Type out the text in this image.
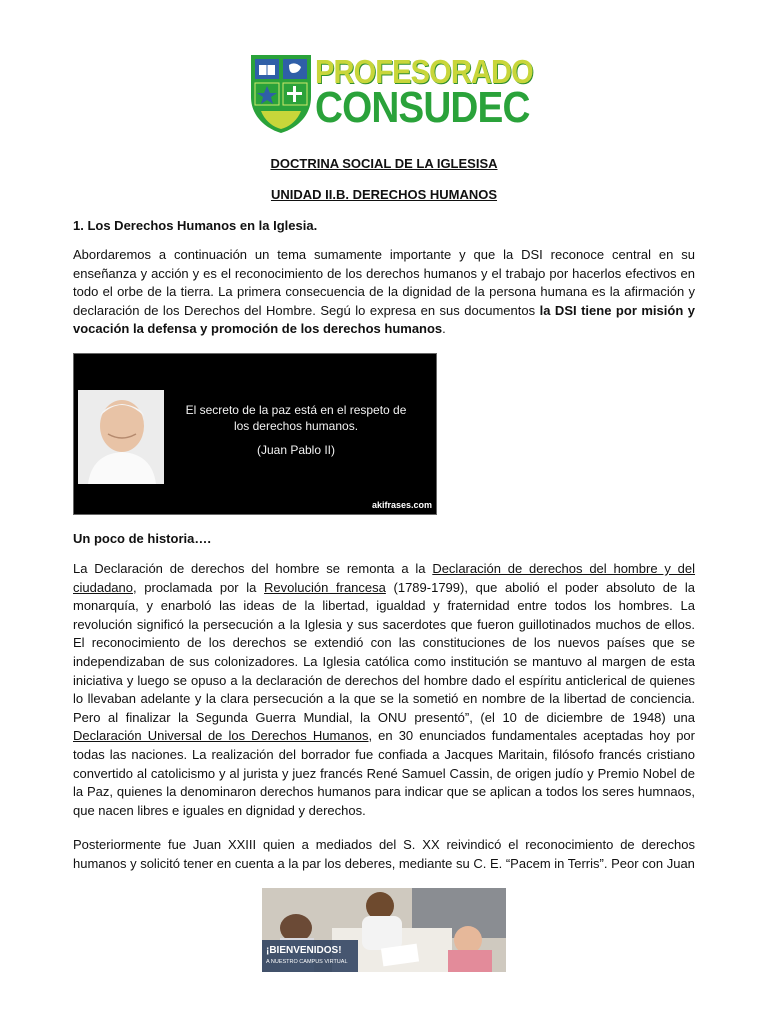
PROFESORADO
CONSUDEC
DOCTRINA SOCIAL DE LA IGLESISA
UNIDAD II.B. DERECHOS HUMANOS
1. Los Derechos Humanos en la Iglesia.

Abordaremos a continuación un tema sumamente importante y que la DSI reconoce central en su enseñanza y acción y es el reconocimiento de los derechos humanos y el trabajo por hacerlos efectivos en todo el orbe de la tierra. La primera consecuencia de la dignidad de la persona humana es la afirmación y declaración de los Derechos del Hombre. Segú lo expresa en sus documentos la DSI tiene por misión y vocación la defensa y promoción de los derechos humanos.

El secreto de la paz está en el respeto de los derechos humanos.
(Juan Pablo II)
akifrases.com
Un poco de historia….

La Declaración de derechos del hombre se remonta a la Declaración de derechos del hombre y del ciudadano, proclamada por la Revolución francesa (1789-1799), que abolió el poder absoluto de la monarquía, y enarboló las ideas de la libertad, igualdad y fraternidad entre todos los hombres. La revolución significó la persecución a la Iglesia y sus sacerdotes que fueron guillotinados muchos de ellos. El reconocimiento de los derechos se extendió con las constituciones de los nuevos países que se independizaban de sus colonizadores. La Iglesia católica como institución se mantuvo al margen de esta iniciativa y luego se opuso a la declaración de derechos del hombre dado el espíritu anticlerical de quienes lo llevaban adelante y la clara persecución a la que se la sometió en nombre de la libertad de conciencia. Pero al finalizar la Segunda Guerra Mundial, la ONU presentó”, (el 10 de diciembre de 1948) una Declaración Universal de los Derechos Humanos, en 30 enunciados fundamentales aceptadas hoy por todas las naciones. La realización del borrador fue confiada a Jacques Maritain, filósofo francés cristiano convertido al catolicismo y al jurista y juez francés René Samuel Cassin, de origen judío y Premio Nobel de la Paz, quienes la denominaron derechos humanos para indicar que se aplican a todos los seres humnaos, que nacen libres e iguales en dignidad y derechos.

Posteriormente fue Juan XXIII quien a mediados del S. XX reivindicó el reconocimiento de derechos humanos y solicitó tener en cuenta a la par los deberes, mediante su C. E. “Pacem in Terris”. Peor con Juan

¡BIENVENIDOS!
A NUESTRO CAMPUS VIRTUAL
